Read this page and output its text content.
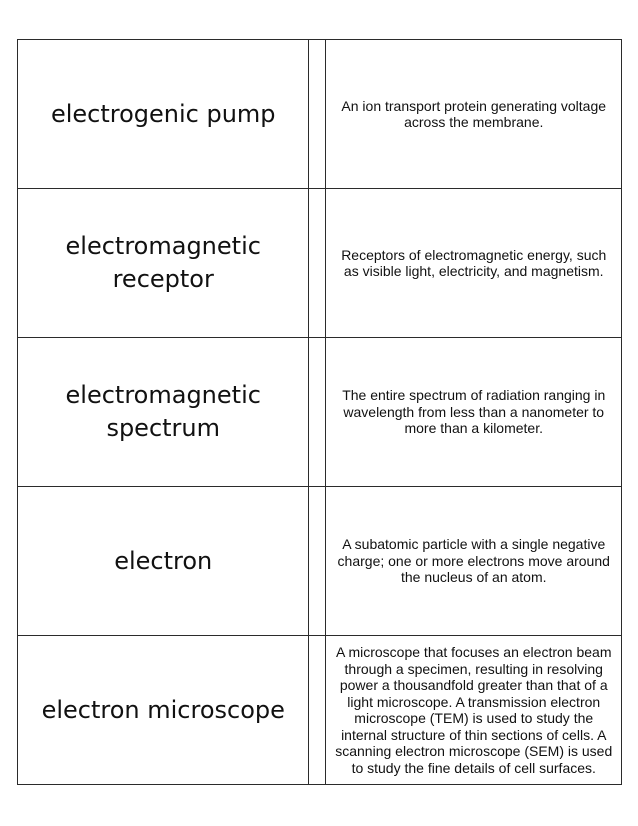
electrogenic pump		An ion transport protein generating voltage across the membrane.

electromagnetic receptor		Receptors of electromagnetic energy, such as visible light, electricity, and magnetism.

electromagnetic spectrum		The entire spectrum of radiation ranging in wavelength from less than a nanometer to more than a kilometer.

electron		A subatomic particle with a single negative charge; one or more electrons move around the nucleus of an atom.

electron microscope		A microscope that focuses an electron beam through a specimen, resulting in resolving power a thousandfold greater than that of a light microscope. A transmission electron microscope (TEM) is used to study the internal structure of thin sections of cells. A scanning electron microscope (SEM) is used to study the fine details of cell surfaces.
